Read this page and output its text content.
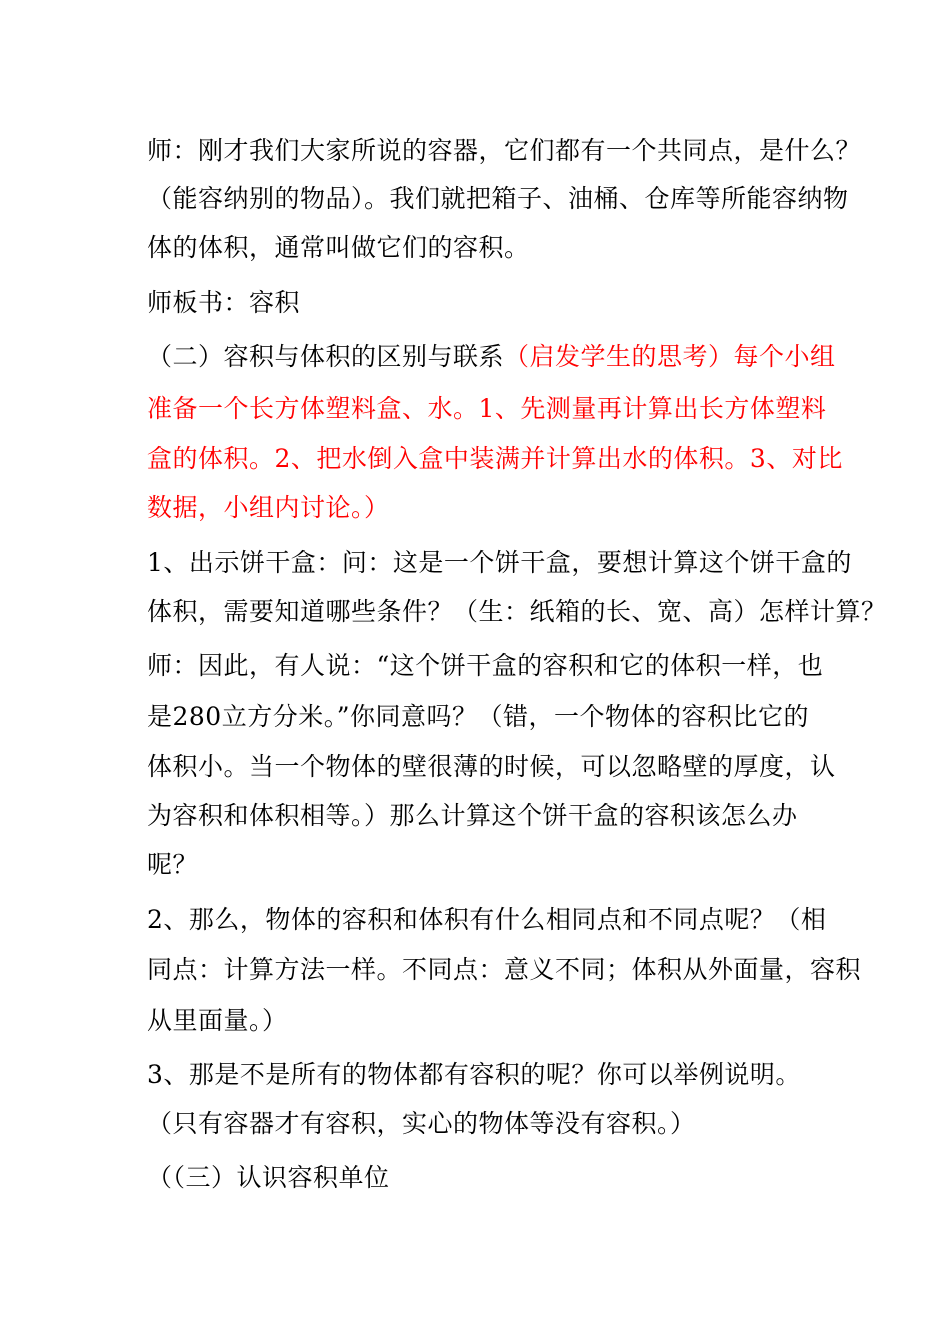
师：刚才我们大家所说的容器，它们都有一个共同点，是什么？
（能容纳别的物品）。我们就把箱子、油桶、仓库等所能容纳物
体的体积，通常叫做它们的容积。
师板书：容积
（二）容积与体积的区别与联系（启发学生的思考）每个小组
准备一个长方体塑料盒、水。1、先测量再计算出长方体塑料
盒的体积。2、把水倒入盒中装满并计算出水的体积。3、对比
数据，小组内讨论。）
1、出示饼干盒：问：这是一个饼干盒，要想计算这个饼干盒的
体积，需要知道哪些条件？（生：纸箱的长、宽、高）怎样计算？
师：因此，有人说：“这个饼干盒的容积和它的体积一样，也
是280立方分米。”你同意吗？（错，一个物体的容积比它的
体积小。当一个物体的壁很薄的时候，可以忽略壁的厚度，认
为容积和体积相等。）那么计算这个饼干盒的容积该怎么办
呢？
2、那么，物体的容积和体积有什么相同点和不同点呢？（相
同点：计算方法一样。不同点：意义不同；体积从外面量，容积
从里面量。）
3、那是不是所有的物体都有容积的呢？你可以举例说明。
（只有容器才有容积，实心的物体等没有容积。）
（（三）认识容积单位
